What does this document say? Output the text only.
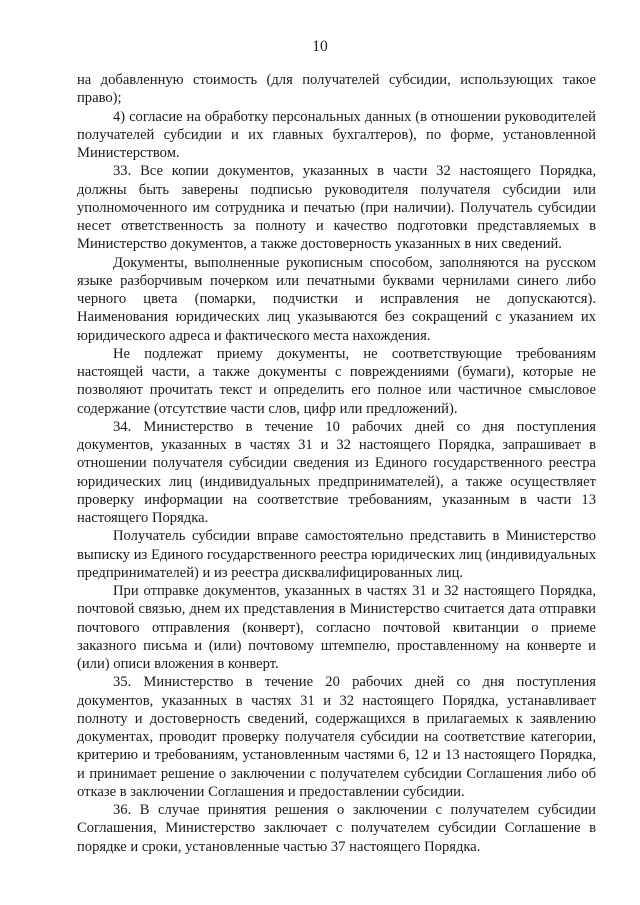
10

на добавленную стоимость (для получателей субсидии, использующих такое право);

4) согласие на обработку персональных данных (в отношении руководителей получателей субсидии и их главных бухгалтеров), по форме, установленной Министерством.

33. Все копии документов, указанных в части 32 настоящего Порядка, должны быть заверены подписью руководителя получателя субсидии или уполномоченного им сотрудника и печатью (при наличии). Получатель субсидии несет ответственность за полноту и качество подготовки представляемых в Министерство документов, а также достоверность указанных в них сведений.

Документы, выполненные рукописным способом, заполняются на русском языке разборчивым почерком или печатными буквами чернилами синего либо черного цвета (помарки, подчистки и исправления не допускаются). Наименования юридических лиц указываются без сокращений с указанием их юридического адреса и фактического места нахождения.

Не подлежат приему документы, не соответствующие требованиям настоящей части, а также документы с повреждениями (бумаги), которые не позволяют прочитать текст и определить его полное или частичное смысловое содержание (отсутствие части слов, цифр или предложений).

34. Министерство в течение 10 рабочих дней со дня поступления документов, указанных в частях 31 и 32 настоящего Порядка, запрашивает в отношении получателя субсидии сведения из Единого государственного реестра юридических лиц (индивидуальных предпринимателей), а также осуществляет проверку информации на соответствие требованиям, указанным в части 13 настоящего Порядка.

Получатель субсидии вправе самостоятельно представить в Министерство выписку из Единого государственного реестра юридических лиц (индивидуальных предпринимателей) и из реестра дисквалифицированных лиц.

При отправке документов, указанных в частях 31 и 32 настоящего Порядка, почтовой связью, днем их представления в Министерство считается дата отправки почтового отправления (конверт), согласно почтовой квитанции о приеме заказного письма и (или) почтовому штемпелю, проставленному на конверте и (или) описи вложения в конверт.

35. Министерство в течение 20 рабочих дней со дня поступления документов, указанных в частях 31 и 32 настоящего Порядка, устанавливает полноту и достоверность сведений, содержащихся в прилагаемых к заявлению документах, проводит проверку получателя субсидии на соответствие категории, критерию и требованиям, установленным частями 6, 12 и 13 настоящего Порядка, и принимает решение о заключении с получателем субсидии Соглашения либо об отказе в заключении Соглашения и предоставлении субсидии.

36. В случае принятия решения о заключении с получателем субсидии Соглашения, Министерство заключает с получателем субсидии Соглашение в порядке и сроки, установленные частью 37 настоящего Порядка.
